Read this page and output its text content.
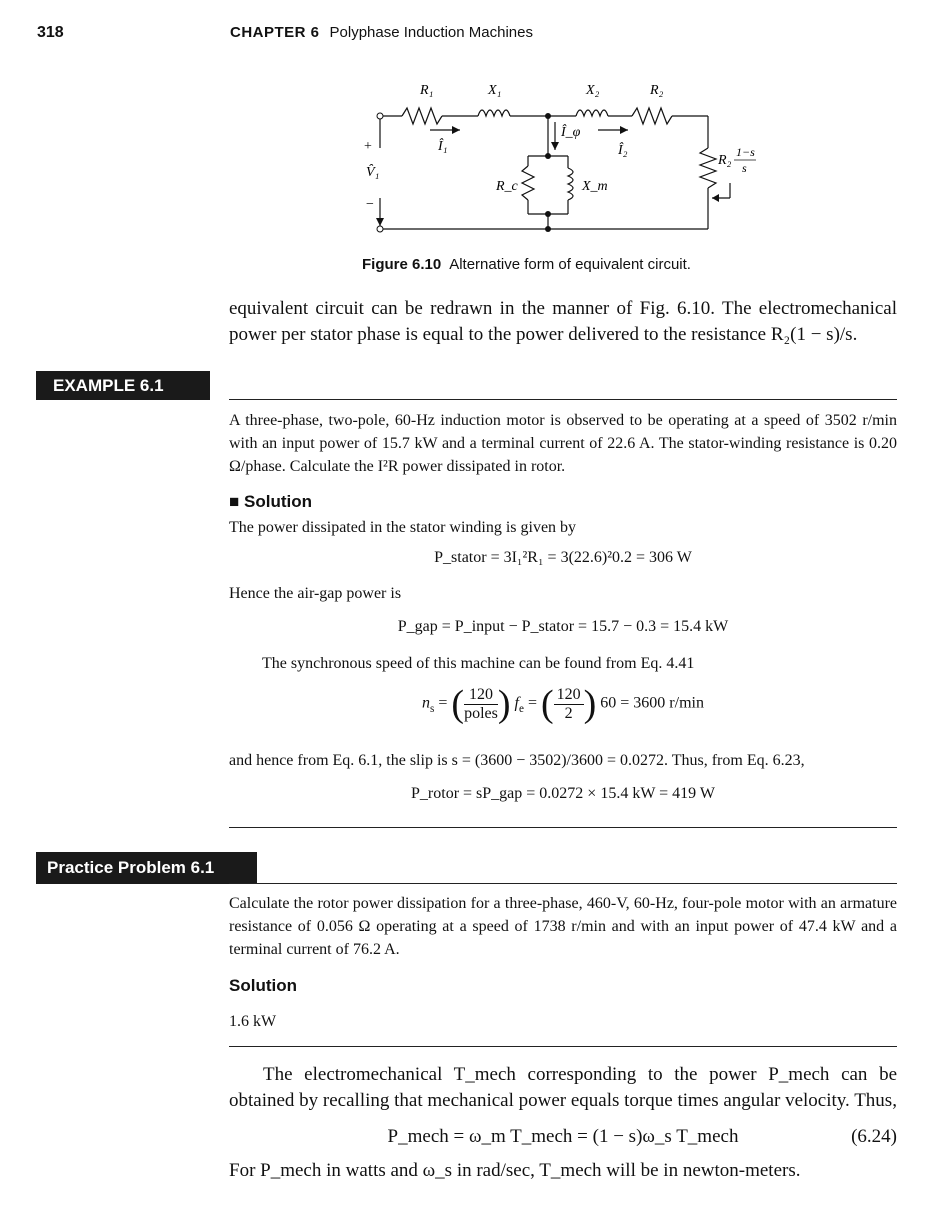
318	CHAPTER 6 Polyphase Induction Machines
R₁	X₁	X₂	R₂
Î₁
Î_φ
Î₂
+
V̂₁
−
R_c	X_m
R₂
1−s
s
Figure 6.10 Alternative form of equivalent circuit.
equivalent circuit can be redrawn in the manner of Fig. 6.10. The electromechanical power per stator phase is equal to the power delivered to the resistance R₂(1 − s)/s.
EXAMPLE 6.1
A three-phase, two-pole, 60-Hz induction motor is observed to be operating at a speed of 3502 r/min with an input power of 15.7 kW and a terminal current of 22.6 A. The stator-winding resistance is 0.20 Ω/phase. Calculate the I²R power dissipated in rotor.
■ Solution
The power dissipated in the stator winding is given by
P_stator = 3I₁²R₁ = 3(22.6)²0.2 = 306 W
Hence the air-gap power is
P_gap = P_input − P_stator = 15.7 − 0.3 = 15.4 kW
The synchronous speed of this machine can be found from Eq. 4.41
$n_s$ = ( $\frac{120}{\text{poles}}$ ) $f_e$ = ( $\frac{120}{2}$ ) 60 = 3600 r/min
and hence from Eq. 6.1, the slip is s = (3600 − 3502)/3600 = 0.0272. Thus, from Eq. 6.23,
P_rotor = sP_gap = 0.0272 × 15.4 kW = 419 W
Practice Problem 6.1
Calculate the rotor power dissipation for a three-phase, 460-V, 60-Hz, four-pole motor with an armature resistance of 0.056 Ω operating at a speed of 1738 r/min and with an input power of 47.4 kW and a terminal current of 76.2 A.
Solution
1.6 kW
The electromechanical T_mech corresponding to the power P_mech can be obtained by recalling that mechanical power equals torque times angular velocity. Thus,
P_mech = ω_m T_mech = (1 − s)ω_s T_mech	(6.24)
For P_mech in watts and ω_s in rad/sec, T_mech will be in newton-meters.
